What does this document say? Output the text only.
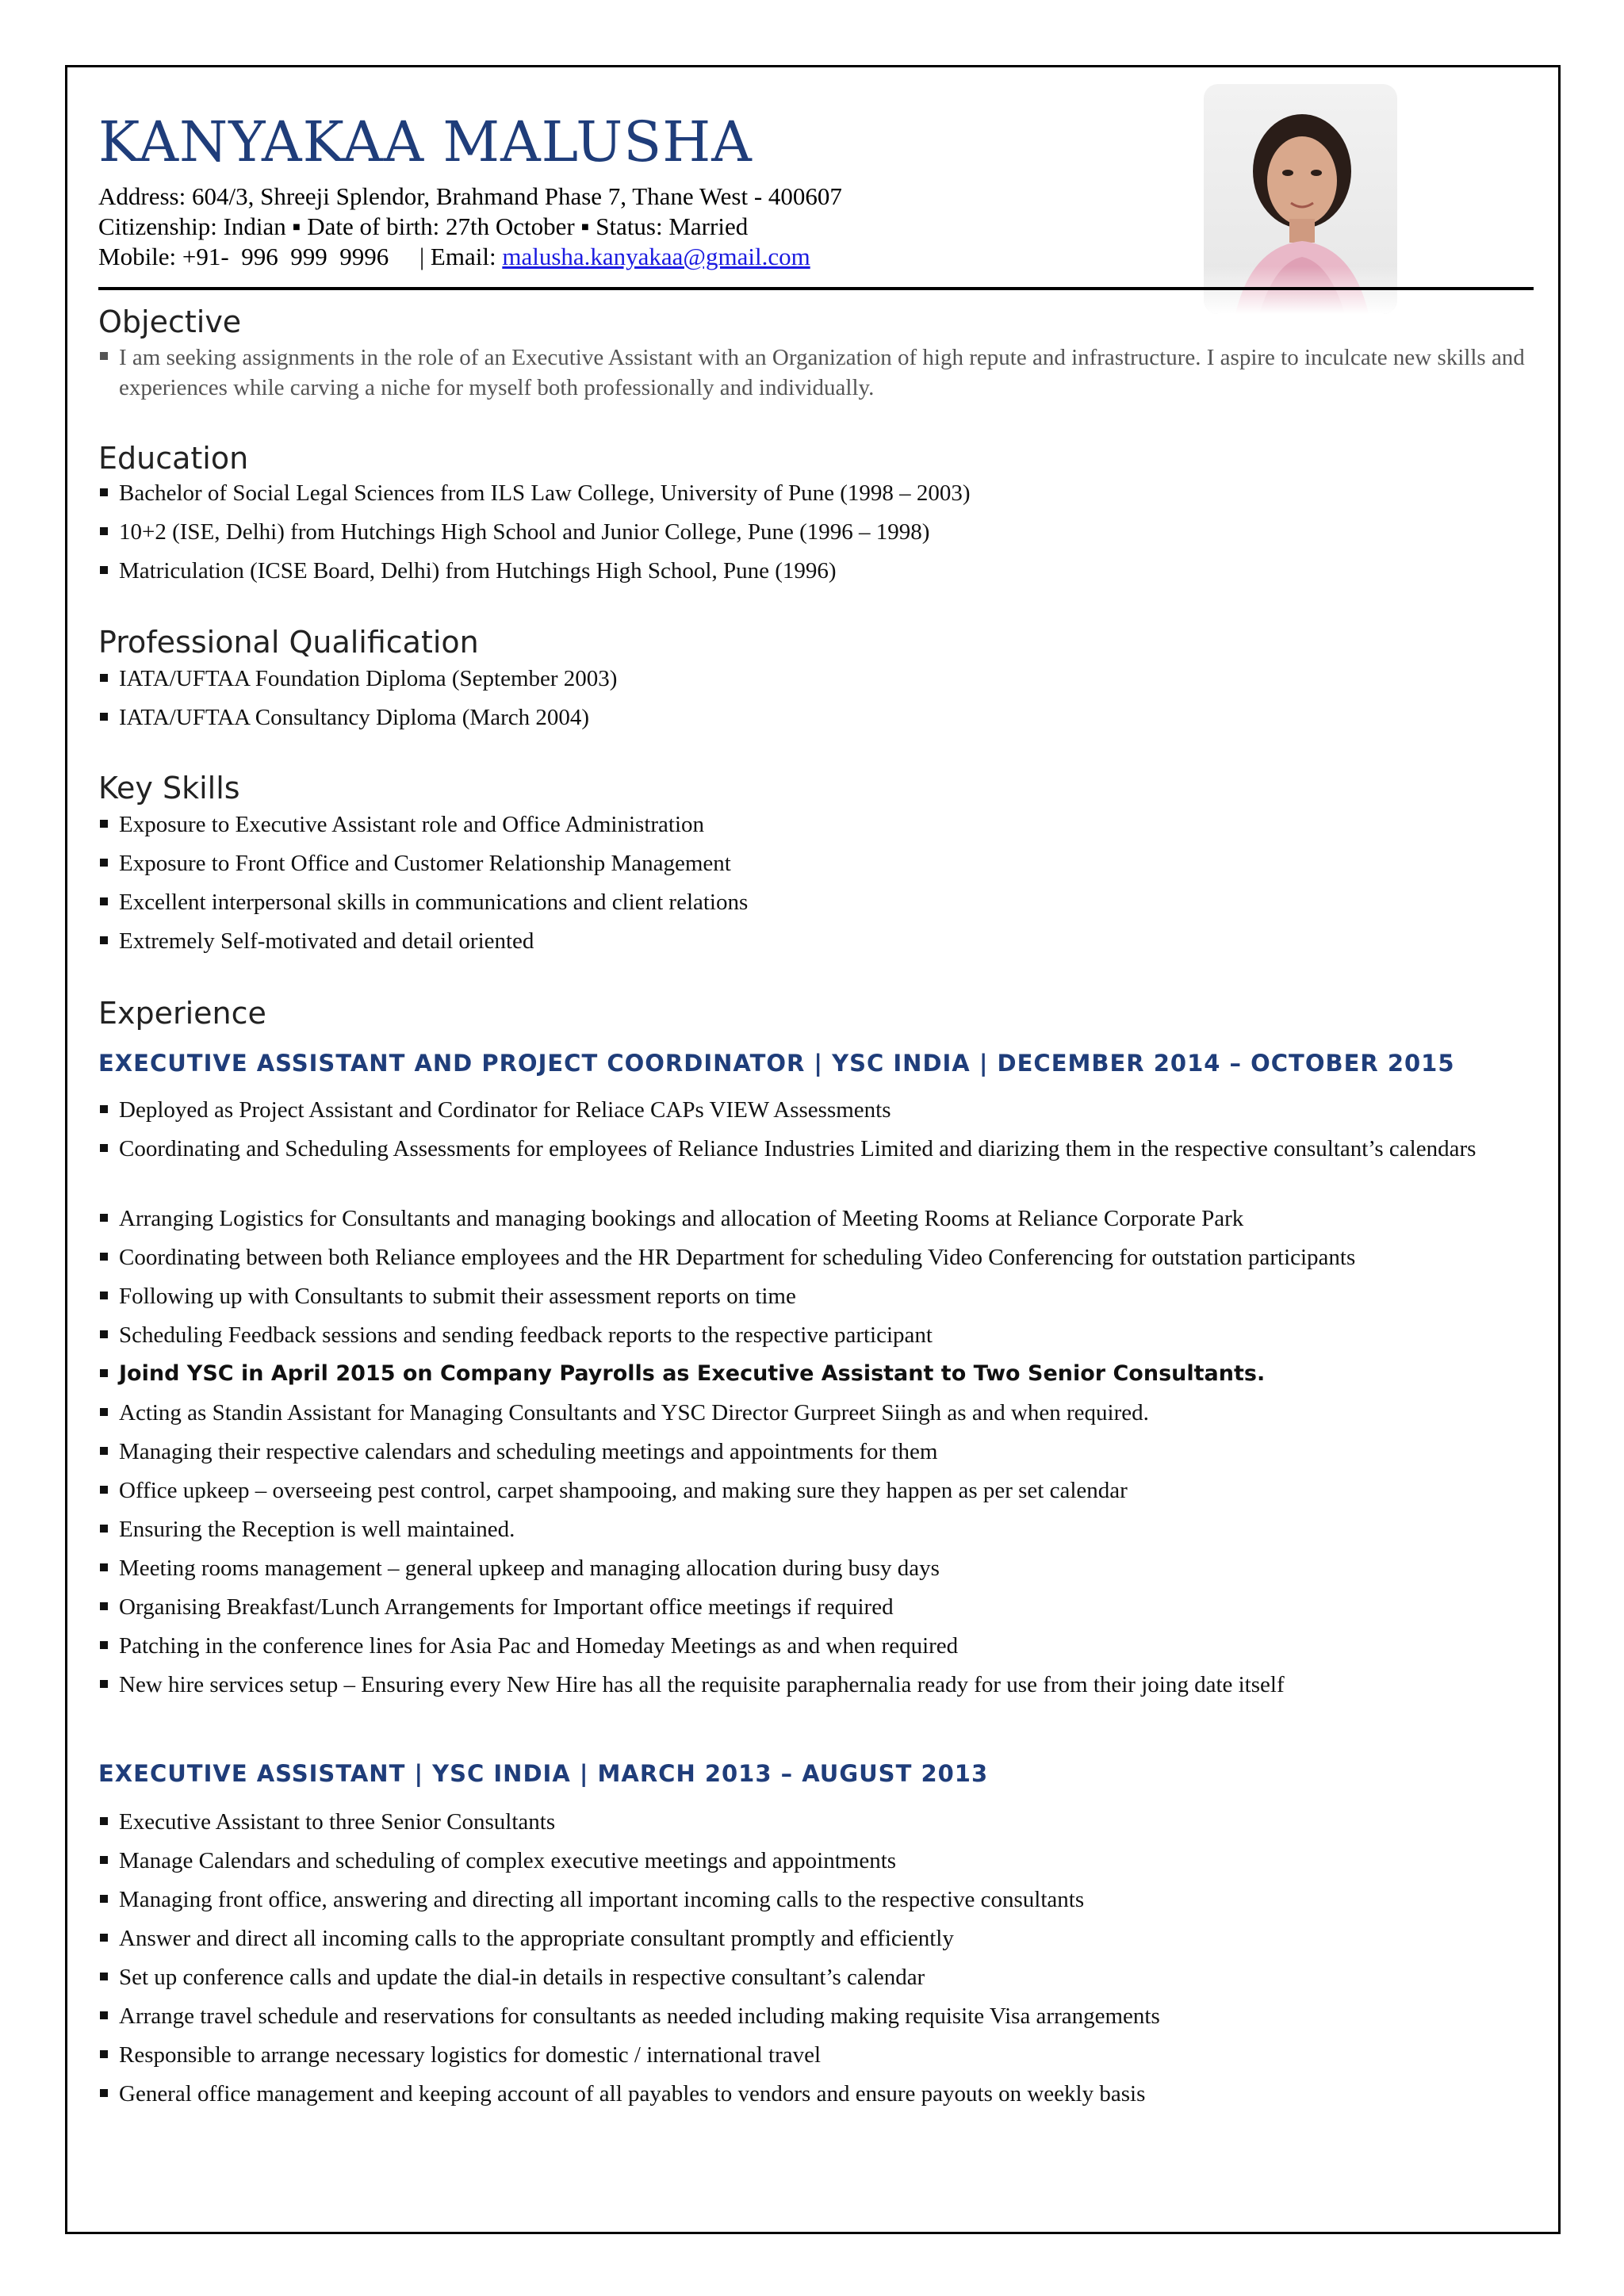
KANYAKAA MALUSHA
Address: 604/3, Shreeji Splendor, Brahmand Phase 7, Thane West - 400607
Citizenship: Indian ▪ Date of birth: 27th October ▪ Status: Married
Mobile: +91-  996  999  9996     | Email: malusha.kanyakaa@gmail.com
Objective
I am seeking assignments in the role of an Executive Assistant with an Organization of high repute and infrastructure. I aspire to inculcate new skills and experiences while carving a niche for myself both professionally and individually.
Education
Bachelor of Social Legal Sciences from ILS Law College, University of Pune (1998 – 2003)
10+2 (ISE, Delhi) from Hutchings High School and Junior College, Pune (1996 – 1998)
Matriculation (ICSE Board, Delhi) from Hutchings High School, Pune (1996)
Professional Qualification
IATA/UFTAA Foundation Diploma (September 2003)
IATA/UFTAA Consultancy Diploma (March 2004)
Key Skills
Exposure to Executive Assistant role and Office Administration
Exposure to Front Office and Customer Relationship Management
Excellent interpersonal skills in communications and client relations
Extremely Self-motivated and detail oriented
Experience
EXECUTIVE ASSISTANT AND PROJECT COORDINATOR | YSC INDIA | DECEMBER 2014 – OCTOBER 2015
Deployed as Project Assistant and Cordinator for Reliace CAPs VIEW Assessments
Coordinating and Scheduling Assessments for employees of Reliance Industries Limited and diarizing them in the respective consultant’s calendars
Arranging Logistics for Consultants and managing bookings and allocation of Meeting Rooms at Reliance Corporate Park
Coordinating between both Reliance employees and the HR Department for scheduling Video Conferencing for outstation participants
Following up with Consultants to submit their assessment reports on time
Scheduling Feedback sessions and sending feedback reports to the respective participant
Joind YSC in April 2015 on Company Payrolls as Executive Assistant to Two Senior Consultants.
Acting as Standin Assistant for Managing Consultants and YSC Director Gurpreet Siingh as and when required.
Managing their respective calendars and scheduling meetings and appointments for them
Office upkeep – overseeing pest control, carpet shampooing, and making sure they happen as per set calendar
Ensuring the Reception is well maintained.
Meeting rooms management – general upkeep and managing allocation during busy days
Organising Breakfast/Lunch Arrangements for Important office meetings if required
Patching in the conference lines for Asia Pac and Homeday Meetings as and when required
New hire services setup – Ensuring every New Hire has all the requisite paraphernalia ready for use from their joing date itself
EXECUTIVE ASSISTANT | YSC INDIA | MARCH 2013 – AUGUST 2013
Executive Assistant to three Senior Consultants
Manage Calendars and scheduling of complex executive meetings and appointments
Managing front office, answering and directing all important incoming calls to the respective consultants
Answer and direct all incoming calls to the appropriate consultant promptly and efficiently
Set up conference calls and update the dial-in details in respective consultant’s calendar
Arrange travel schedule and reservations for consultants as needed including making requisite Visa arrangements
Responsible to arrange necessary logistics for domestic / international travel
General office management and keeping account of all payables to vendors and ensure payouts on weekly basis
